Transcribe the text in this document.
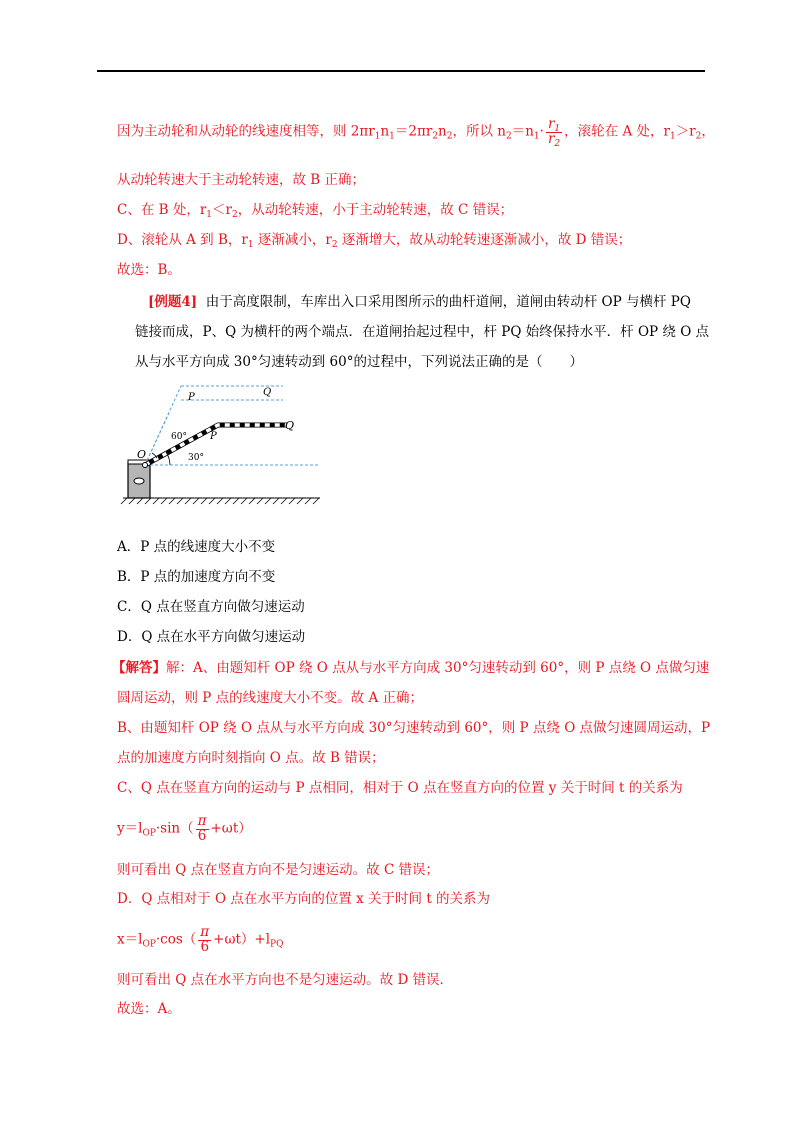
因为主动轮和从动轮的线速度相等，则 $2\pi r_1n_1=2\pi r_2n_2$，所以 $n_2=n_1\cdot \frac{r_1}{r_2}$ ，滚轮在 A 处，$r_1>r_2$，
从动轮转速大于主动轮转速，故 B 正确；
C、在 B 处，$r_1<r_2$，从动轮转速，小于主动轮转速，故 C 错误；
D、滚轮从 A 到 B，$r_1$ 逐渐减小，$r_2$ 逐渐增大，故从动轮转速逐渐减小，故 D 错误；
故选：B。
[例题4] 由于高度限制，车库出入口采用图所示的曲杆道闸，道闸由转动杆 OP 与横杆 PQ
链接而成，P、Q 为横杆的两个端点．在道闸抬起过程中，杆 PQ 始终保持水平．杆 OP 绕 O 点
从与水平方向成 30°匀速转动到 60°的过程中，下列说法正确的是（　　）
O
P	Q
P
Q
60°
30°
A．P 点的线速度大小不变
B．P 点的加速度方向不变
C．Q 点在竖直方向做匀速运动
D．Q 点在水平方向做匀速运动
【解答】解：A、由题知杆 OP 绕 O 点从与水平方向成 30°匀速转动到 60°，则 P 点绕 O 点做匀速
圆周运动，则 P 点的线速度大小不变。故 A 正确；
B、由题知杆 OP 绕 O 点从与水平方向成 30°匀速转动到 60°，则 P 点绕 O 点做匀速圆周运动，P
点的加速度方向时刻指向 O 点。故 B 错误；
C、Q 点在竖直方向的运动与 P 点相同，相对于 O 点在竖直方向的位置 y 关于时间 t 的关系为
$y=l_{OP}\cdot\sin( \frac{\pi}{6} +\omega t)$
则可看出 Q 点在竖直方向不是匀速运动。故 C 错误；
D．Q 点相对于 O 点在水平方向的位置 x 关于时间 t 的关系为
$x=l_{OP}\cdot\cos( \frac{\pi}{6} +\omega t)+l_{PQ}$
则可看出 Q 点在水平方向也不是匀速运动。故 D 错误．
故选：A。
